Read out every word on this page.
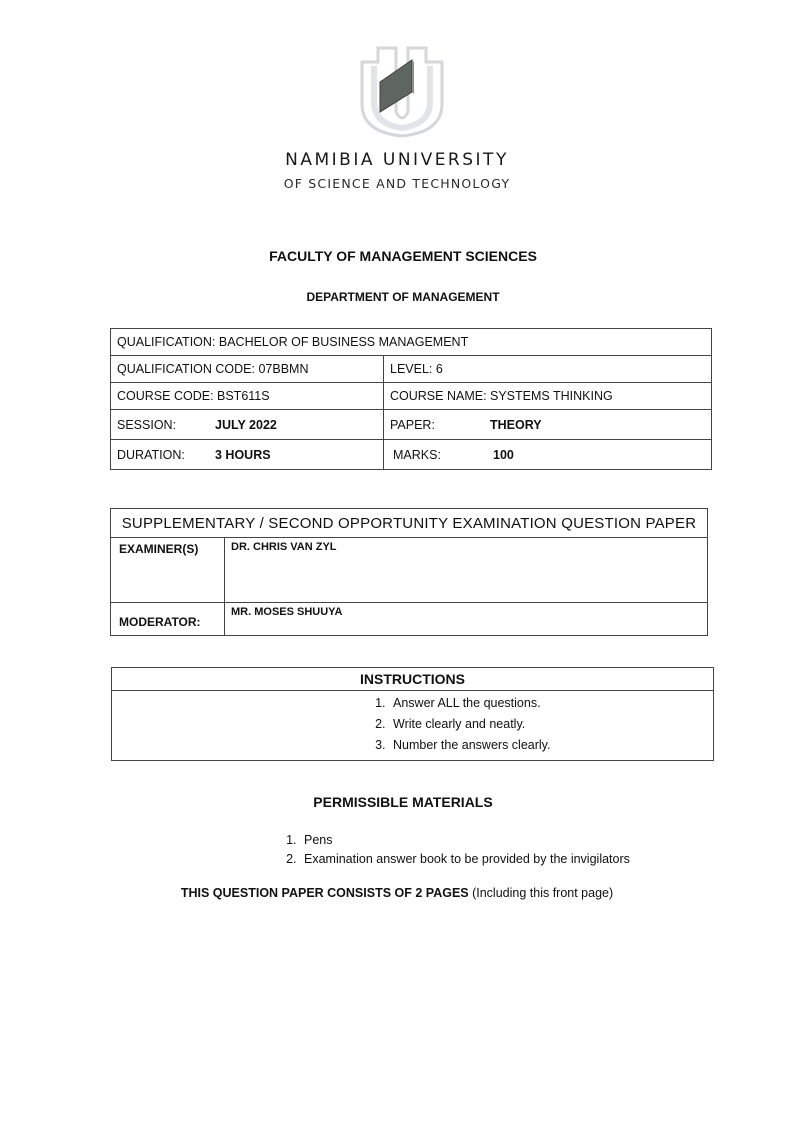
NAMIBIA UNIVERSITY
OF SCIENCE AND TECHNOLOGY
FACULTY OF MANAGEMENT SCIENCES
DEPARTMENT OF MANAGEMENT
QUALIFICATION: BACHELOR OF BUSINESS MANAGEMENT	
QUALIFICATION CODE: 07BBMN	LEVEL: 6
COURSE CODE: BST611S	COURSE NAME: SYSTEMS THINKING
SESSION: JULY 2022	PAPER: THEORY
DURATION: 3 HOURS	MARKS: 100
SUPPLEMENTARY / SECOND OPPORTUNITY EXAMINATION QUESTION PAPER	
EXAMINER(S)	DR. CHRIS VAN ZYL
MODERATOR:	MR. MOSES SHUUYA
INSTRUCTIONS
1. Answer ALL the questions.
2. Write clearly and neatly.
3. Number the answers clearly.
PERMISSIBLE MATERIALS
1. Pens
2. Examination answer book to be provided by the invigilators
THIS QUESTION PAPER CONSISTS OF 2 PAGES (Including this front page)
